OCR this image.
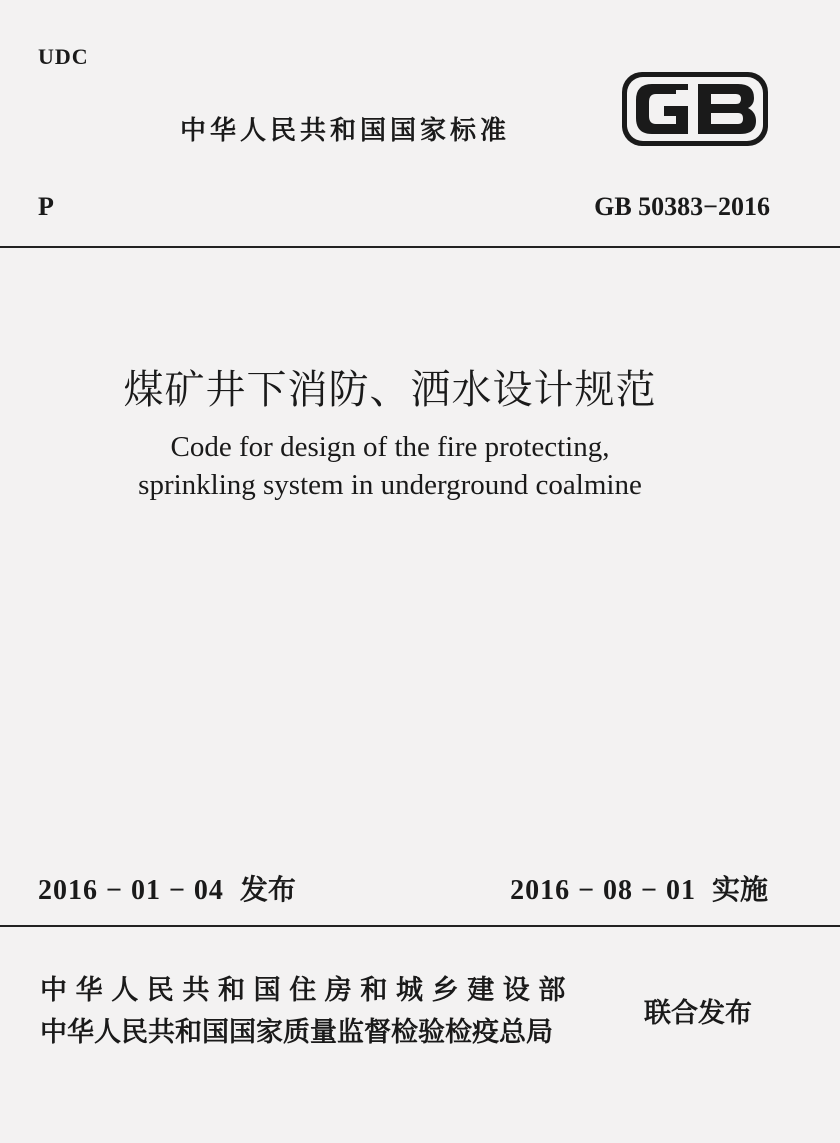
UDC
中华人民共和国国家标准
P	GB 50383−2016
煤矿井下消防、洒水设计规范
Code for design of the fire protecting,
sprinkling system in underground coalmine
2016 − 01 − 04 发布	2016 − 08 − 01 实施
中华人民共和国住房和城乡建设部
中华人民共和国国家质量监督检验检疫总局
联合发布
